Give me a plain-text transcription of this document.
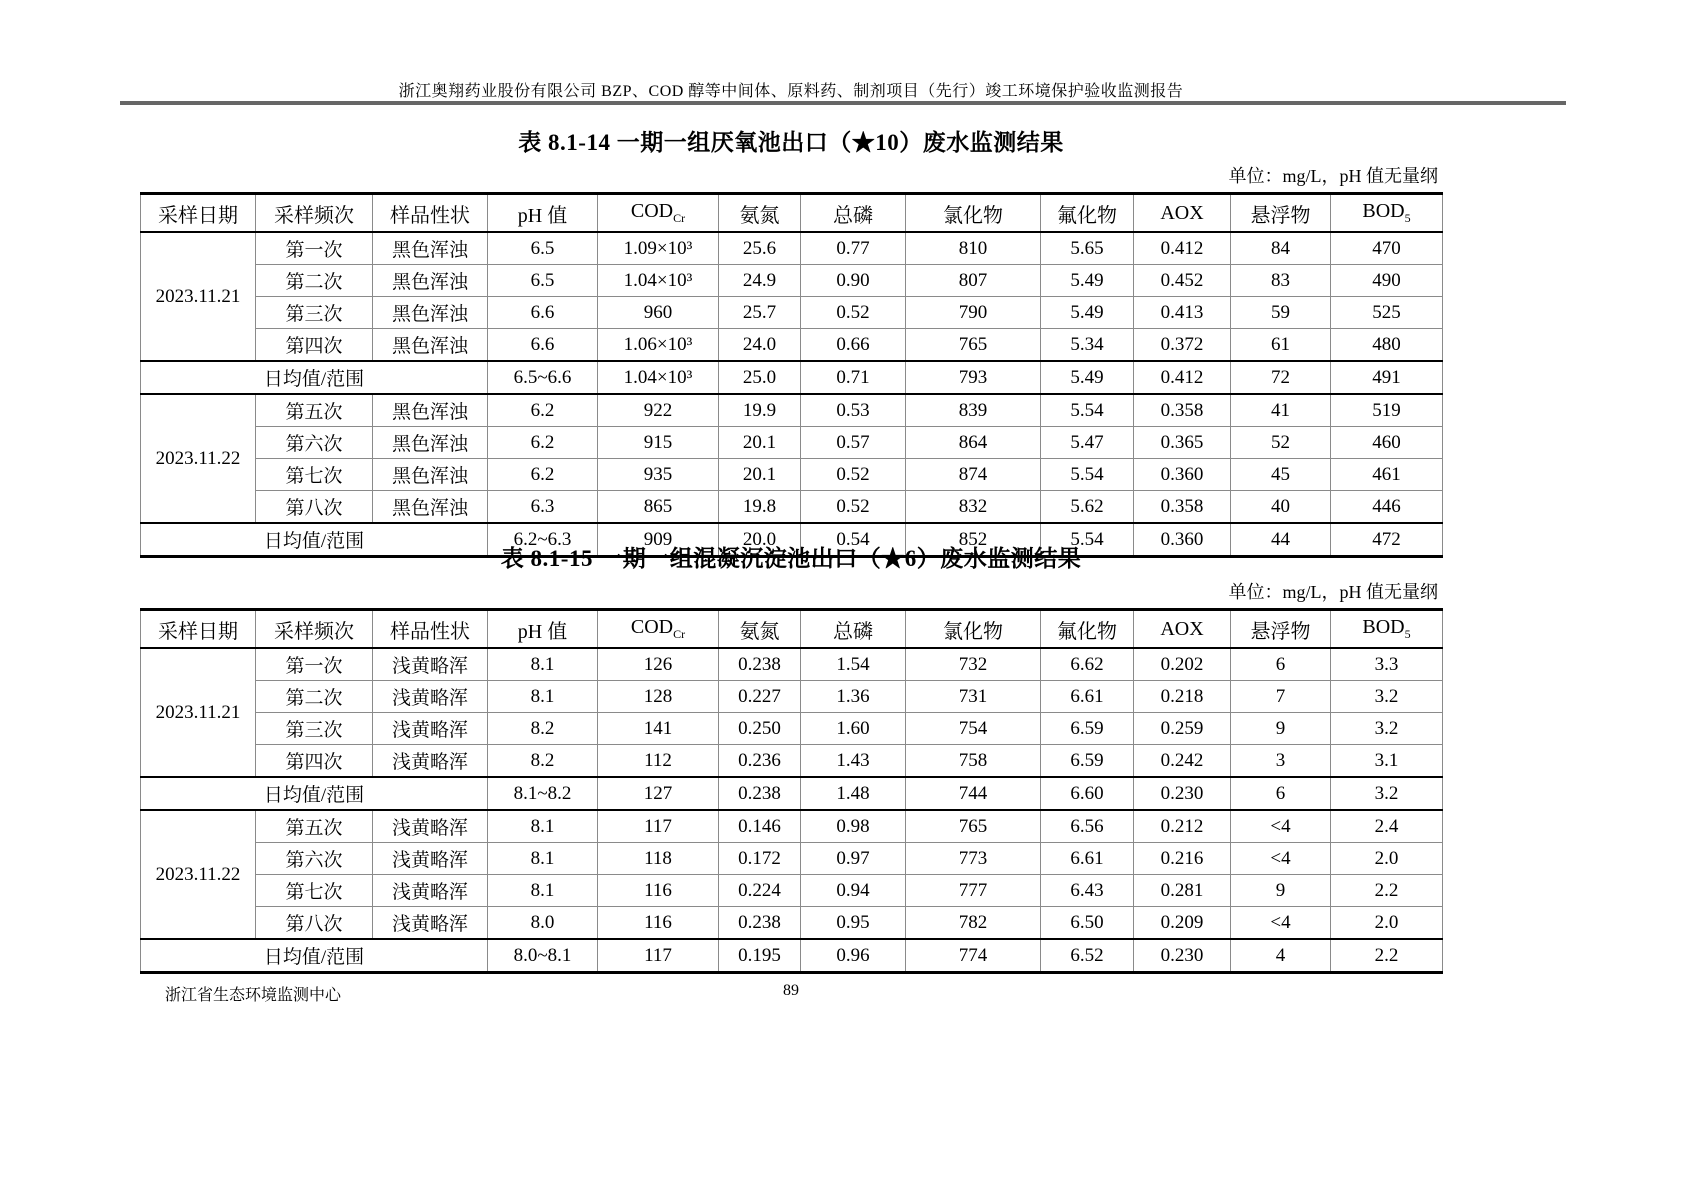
浙江奥翔药业股份有限公司 BZP、COD 醇等中间体、原料药、制剂项目（先行）竣工环境保护验收监测报告
表 8.1-14 一期一组厌氧池出口（★10）废水监测结果
单位：mg/L，pH 值无量纲
采样日期	采样频次	样品性状	pH 值	$COD_{Cr}$	氨氮	总磷	氯化物	氟化物	AOX	悬浮物	$BOD_5$
2023.11.21	第一次	黑色浑浊	6.5	1.09×10³	25.6	0.77	810	5.65	0.412	84	470
	第二次	黑色浑浊	6.5	1.04×10³	24.9	0.90	807	5.49	0.452	83	490
	第三次	黑色浑浊	6.6	960	25.7	0.52	790	5.49	0.413	59	525
	第四次	黑色浑浊	6.6	1.06×10³	24.0	0.66	765	5.34	0.372	61	480
日均值/范围			6.5~6.6	1.04×10³	25.0	0.71	793	5.49	0.412	72	491
2023.11.22	第五次	黑色浑浊	6.2	922	19.9	0.53	839	5.54	0.358	41	519
	第六次	黑色浑浊	6.2	915	20.1	0.57	864	5.47	0.365	52	460
	第七次	黑色浑浊	6.2	935	20.1	0.52	874	5.54	0.360	45	461
	第八次	黑色浑浊	6.3	865	19.8	0.52	832	5.62	0.358	40	446
日均值/范围			6.2~6.3	909	20.0	0.54	852	5.54	0.360	44	472
表 8.1-15 一期一组混凝沉淀池出口（★6）废水监测结果
单位：mg/L，pH 值无量纲
采样日期	采样频次	样品性状	pH 值	$COD_{Cr}$	氨氮	总磷	氯化物	氟化物	AOX	悬浮物	$BOD_5$
2023.11.21	第一次	浅黄略浑	8.1	126	0.238	1.54	732	6.62	0.202	6	3.3
	第二次	浅黄略浑	8.1	128	0.227	1.36	731	6.61	0.218	7	3.2
	第三次	浅黄略浑	8.2	141	0.250	1.60	754	6.59	0.259	9	3.2
	第四次	浅黄略浑	8.2	112	0.236	1.43	758	6.59	0.242	3	3.1
日均值/范围			8.1~8.2	127	0.238	1.48	744	6.60	0.230	6	3.2
2023.11.22	第五次	浅黄略浑	8.1	117	0.146	0.98	765	6.56	0.212	<4	2.4
	第六次	浅黄略浑	8.1	118	0.172	0.97	773	6.61	0.216	<4	2.0
	第七次	浅黄略浑	8.1	116	0.224	0.94	777	6.43	0.281	9	2.2
	第八次	浅黄略浑	8.0	116	0.238	0.95	782	6.50	0.209	<4	2.0
日均值/范围			8.0~8.1	117	0.195	0.96	774	6.52	0.230	4	2.2
浙江省生态环境监测中心	89
